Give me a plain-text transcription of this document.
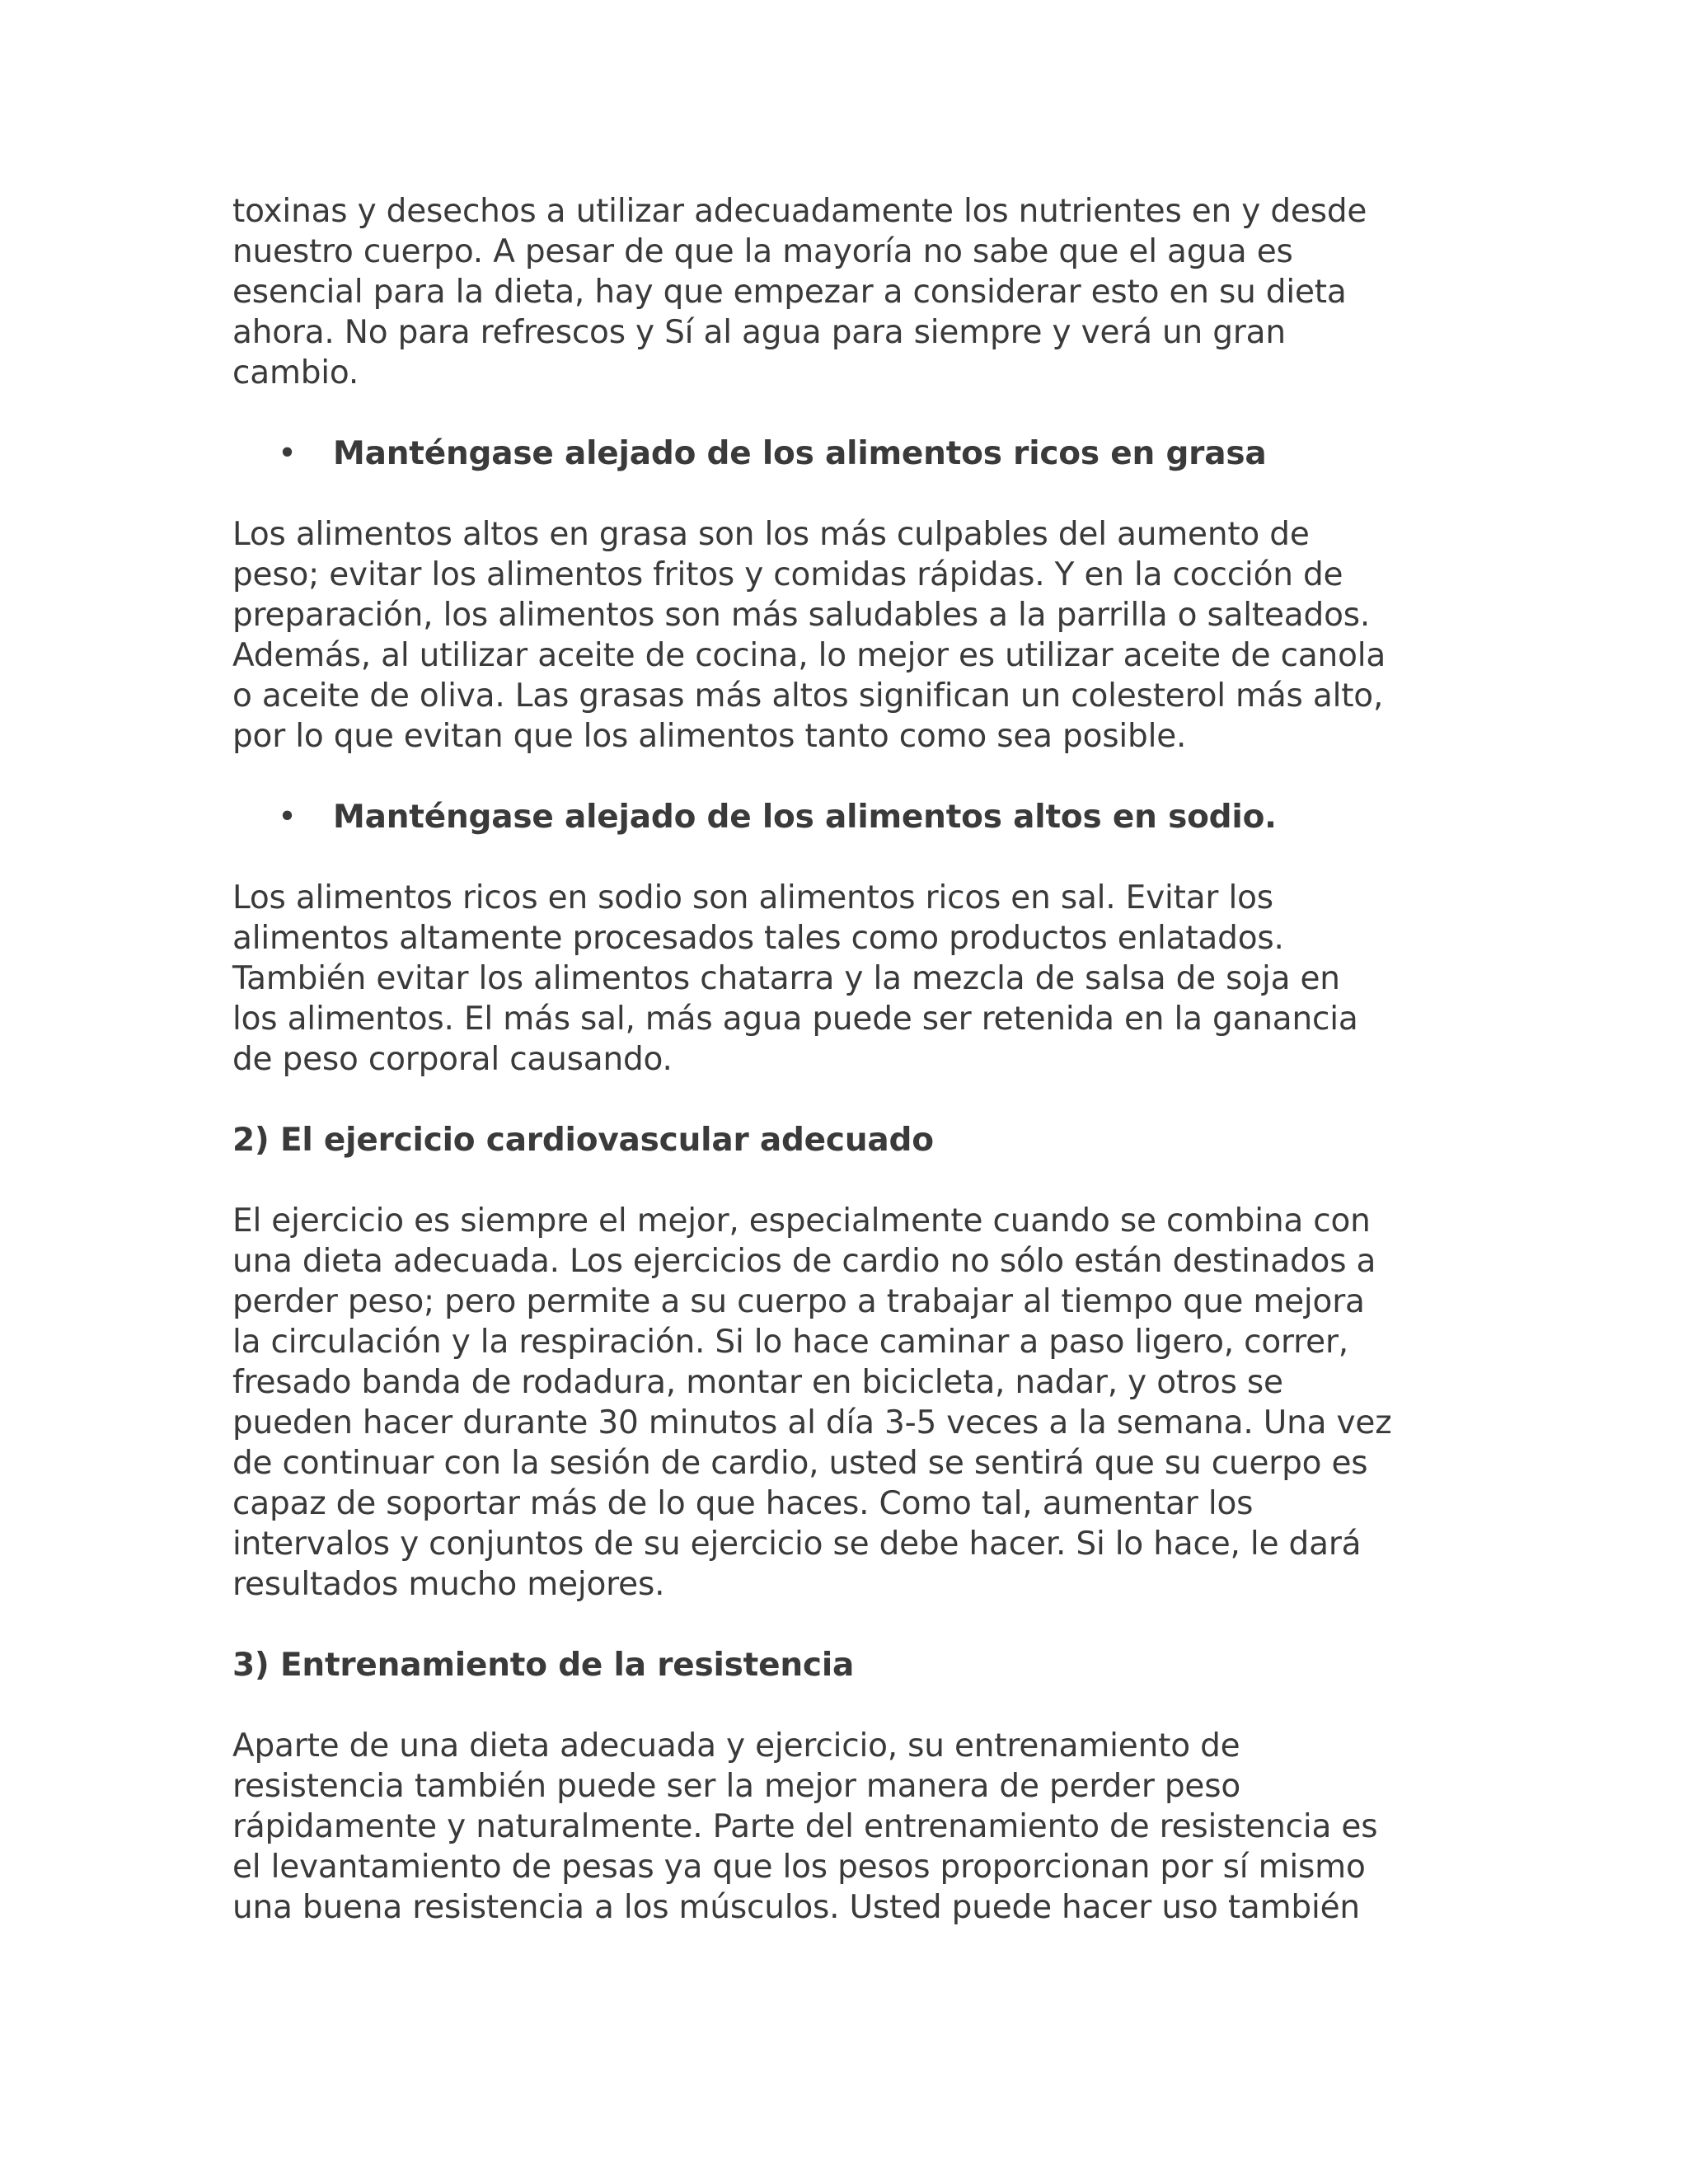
toxinas y desechos a utilizar adecuadamente los nutrientes en y desde
nuestro cuerpo. A pesar de que la mayoría no sabe que el agua es
esencial para la dieta, hay que empezar a considerar esto en su dieta
ahora. No para refrescos y Sí al agua para siempre y verá un gran
cambio.

• Manténgase alejado de los alimentos ricos en grasa

Los alimentos altos en grasa son los más culpables del aumento de
peso; evitar los alimentos fritos y comidas rápidas. Y en la cocción de
preparación, los alimentos son más saludables a la parrilla o salteados.
Además, al utilizar aceite de cocina, lo mejor es utilizar aceite de canola
o aceite de oliva. Las grasas más altos significan un colesterol más alto,
por lo que evitan que los alimentos tanto como sea posible.

• Manténgase alejado de los alimentos altos en sodio.

Los alimentos ricos en sodio son alimentos ricos en sal. Evitar los
alimentos altamente procesados tales como productos enlatados.
También evitar los alimentos chatarra y la mezcla de salsa de soja en
los alimentos. El más sal, más agua puede ser retenida en la ganancia
de peso corporal causando.

2) El ejercicio cardiovascular adecuado

El ejercicio es siempre el mejor, especialmente cuando se combina con
una dieta adecuada. Los ejercicios de cardio no sólo están destinados a
perder peso; pero permite a su cuerpo a trabajar al tiempo que mejora
la circulación y la respiración. Si lo hace caminar a paso ligero, correr,
fresado banda de rodadura, montar en bicicleta, nadar, y otros se
pueden hacer durante 30 minutos al día 3-5 veces a la semana. Una vez
de continuar con la sesión de cardio, usted se sentirá que su cuerpo es
capaz de soportar más de lo que haces. Como tal, aumentar los
intervalos y conjuntos de su ejercicio se debe hacer. Si lo hace, le dará
resultados mucho mejores.

3) Entrenamiento de la resistencia

Aparte de una dieta adecuada y ejercicio, su entrenamiento de
resistencia también puede ser la mejor manera de perder peso
rápidamente y naturalmente. Parte del entrenamiento de resistencia es
el levantamiento de pesas ya que los pesos proporcionan por sí mismo
una buena resistencia a los músculos. Usted puede hacer uso también
